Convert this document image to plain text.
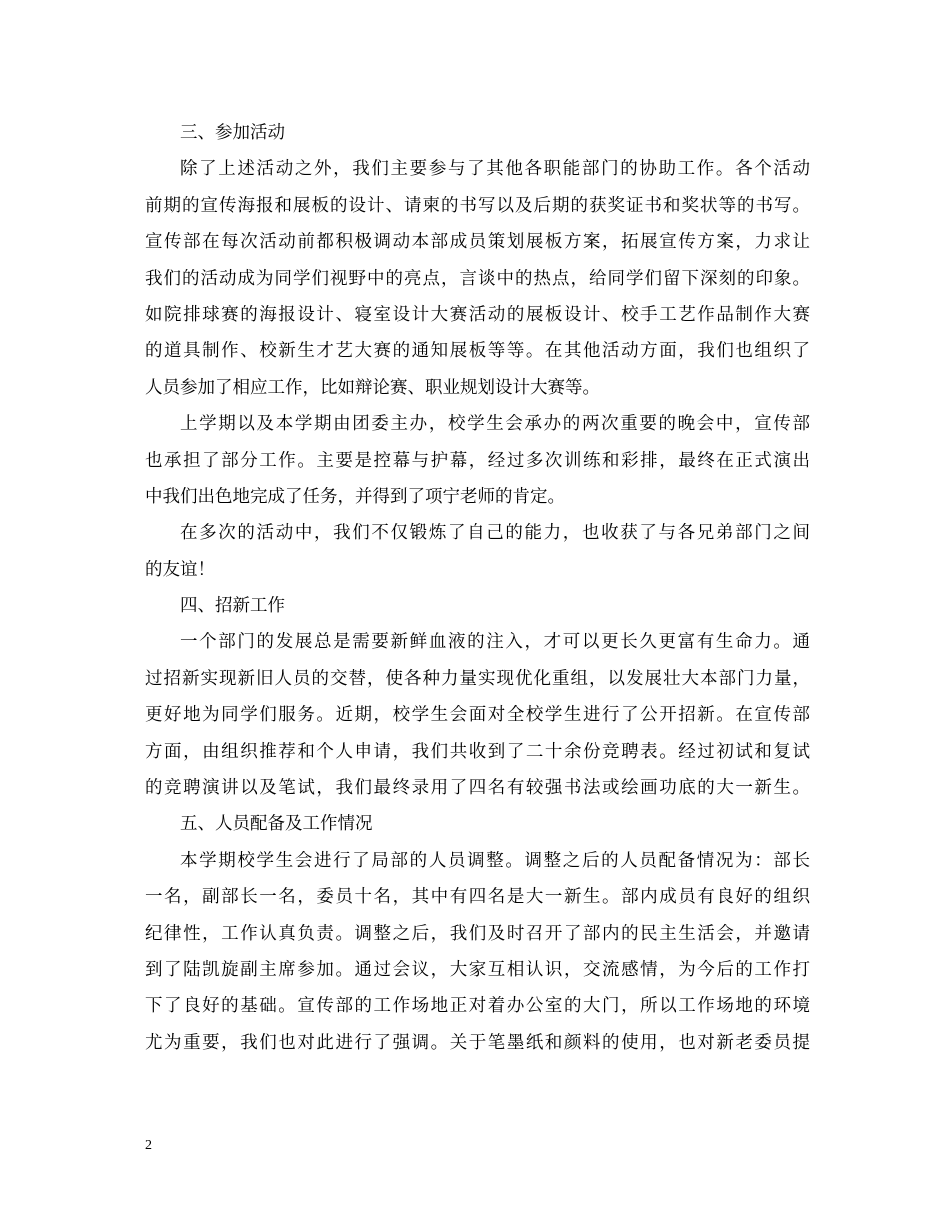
三、参加活动
除了上述活动之外，我们主要参与了其他各职能部门的协助工作。各个活动
前期的宣传海报和展板的设计、请柬的书写以及后期的获奖证书和奖状等的书写。
宣传部在每次活动前都积极调动本部成员策划展板方案，拓展宣传方案，力求让
我们的活动成为同学们视野中的亮点，言谈中的热点，给同学们留下深刻的印象。
如院排球赛的海报设计、寝室设计大赛活动的展板设计、校手工艺作品制作大赛
的道具制作、校新生才艺大赛的通知展板等等。在其他活动方面，我们也组织了
人员参加了相应工作，比如辩论赛、职业规划设计大赛等。
上学期以及本学期由团委主办，校学生会承办的两次重要的晚会中，宣传部
也承担了部分工作。主要是控幕与护幕，经过多次训练和彩排，最终在正式演出
中我们出色地完成了任务，并得到了项宁老师的肯定。
在多次的活动中，我们不仅锻炼了自己的能力，也收获了与各兄弟部门之间
的友谊！
四、招新工作
一个部门的发展总是需要新鲜血液的注入，才可以更长久更富有生命力。通
过招新实现新旧人员的交替，使各种力量实现优化重组，以发展壮大本部门力量，
更好地为同学们服务。近期，校学生会面对全校学生进行了公开招新。在宣传部
方面，由组织推荐和个人申请，我们共收到了二十余份竞聘表。经过初试和复试
的竞聘演讲以及笔试，我们最终录用了四名有较强书法或绘画功底的大一新生。
五、人员配备及工作情况
本学期校学生会进行了局部的人员调整。调整之后的人员配备情况为：部长
一名，副部长一名，委员十名，其中有四名是大一新生。部内成员有良好的组织
纪律性，工作认真负责。调整之后，我们及时召开了部内的民主生活会，并邀请
到了陆凯旋副主席参加。通过会议，大家互相认识，交流感情，为今后的工作打
下了良好的基础。宣传部的工作场地正对着办公室的大门，所以工作场地的环境
尤为重要，我们也对此进行了强调。关于笔墨纸和颜料的使用，也对新老委员提
2
